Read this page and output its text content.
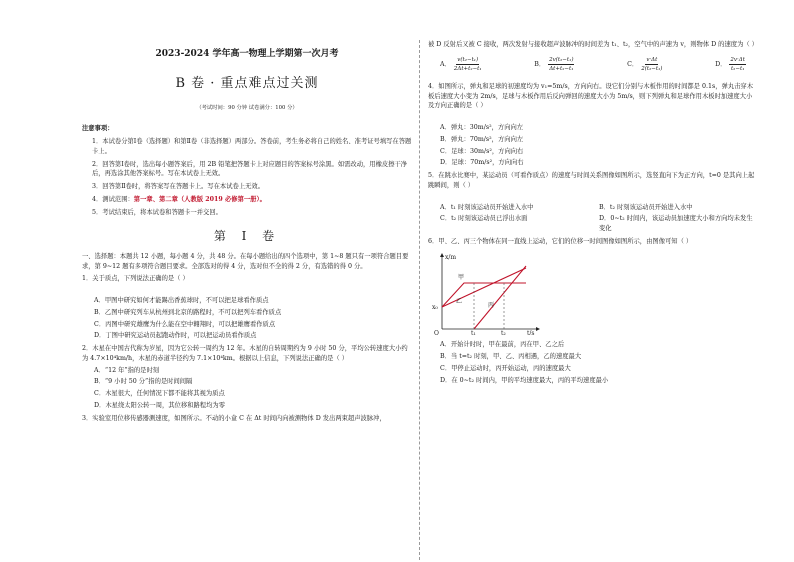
2023-2024 学年高一物理上学期第一次月考
B 卷 · 重点难点过关测
（考试时间：90 分钟 试卷满分：100 分）
注意事项：
1．本试卷分第Ⅰ卷（选择题）和第Ⅱ卷（非选择题）两部分。答卷前，考生务必将自己的姓名、准考证号填写在答题卡上。
2．回答第Ⅰ卷时，选出每小题答案后，用 2B 铅笔把答题卡上对应题目的答案标号涂黑。如需改动，用橡皮擦干净后，再选涂其他答案标号。写在本试卷上无效。
3．回答第Ⅱ卷时，将答案写在答题卡上。写在本试卷上无效。
4．测试范围：第一章、第二章（人教版 2019 必修第一册）。
5．考试结束后，将本试卷和答题卡一并交回。
第 Ⅰ 卷
一、选择题：本题共 12 小题，每小题 4 分，共 48 分。在每小题给出的四个选项中，第 1~8 题只有一项符合题目要求，第 9~12 题有多项符合题目要求。全部选对的得 4 分，选对但不全的得 2 分，有选错的得 0 分。
1．关于质点，下列说法正确的是（ ）
A．甲图中研究如何才能踢出香蕉球时，不可以把足球看作质点
B．乙图中研究列车从杭州到北京的路程时，不可以把列车看作质点
C．丙图中研究雄鹰为什么能在空中翱翔时，可以把雄鹰看作质点
D．丁图中研究运动员起跑动作时，可以把运动员看作质点
2．木星在中国古代称为岁星，因为它公转一周约为 12 年。木星的自转周期约为 9 小时 50 分，平均公转速度大小约为 4.7×10⁴km/h，木星的赤道半径约为 7.1×10⁴km。根据以上信息，下列说法正确的是（ ）
A．“12 年”指的是时刻
B．“9 小时 50 分”指的是时间间隔
C．木星很大，任何情况下都不能将其视为质点
D．木星绕太阳公转一周，其位移和路程均为零
3．实验室用位移传感器测速度，如图所示。不动的小盒 C 在 Δt 时间内向被测物体 D 发出两束超声波脉冲，
被 D 反射后又被 C 接收，两次发射与接收超声波脉冲的时间差为 t₁、t₂，空气中的声速为 v，则物体 D 的速度为（ ）
A． $\frac{\text{v(t₂−t₁)}}{\text{2Δt+t₂−t₁}}$	B． $\frac{\text{2v(t₂−t₁)}}{\text{Δt+t₂−t₁}}$	C． $\frac{v\cdot\Delta t}{\text{2(t₂−t₁)}}$	D． $\frac{2v\cdot\Delta t}{\text{t₂−t₁}}$
4．如图所示，弹丸和足球的初速度均为 v₁=5m/s，方向向右。设它们分别与木板作用的时间都是 0.1s，弹丸击穿木板后速度大小变为 2m/s，足球与木板作用后反向弹回的速度大小为 5m/s，则下列弹丸和足球作用木板时加速度大小及方向正确的是（ ）
A．弹丸：30m/s²，方向向左
B．弹丸：70m/s²，方向向左
C．足球：30m/s²，方向向右
D．足球：70m/s²，方向向右
5．在跳水比赛中，某运动员（可看作质点）的速度与时间关系图像如图所示，选竖直向下为正方向，t=0 是其向上起跳瞬间，则（ ）
A．t₁ 时刻该运动员开始进入水中	B．t₂ 时刻该运动员开始进入水中
C．t₂ 时刻该运动员已浮出水面	D．0~t₂ 时间内，该运动员加速度大小和方向均未发生变化
6．甲、乙、丙三个物体在同一直线上运动，它们的位移一时间图像如图所示，由图像可知（ ）
x/m
t/s
O
x₀
t₁	t₂
甲
乙
丙
A．开始计时时，甲在最前，丙在甲、乙之后
B．当 t=t₂ 时刻，甲、乙、丙相遇，乙的速度最大
C．甲停止运动时，丙开始运动，丙的速度最大
D．在 0~t₂ 时间内，甲的平均速度最大，丙的平均速度最小
